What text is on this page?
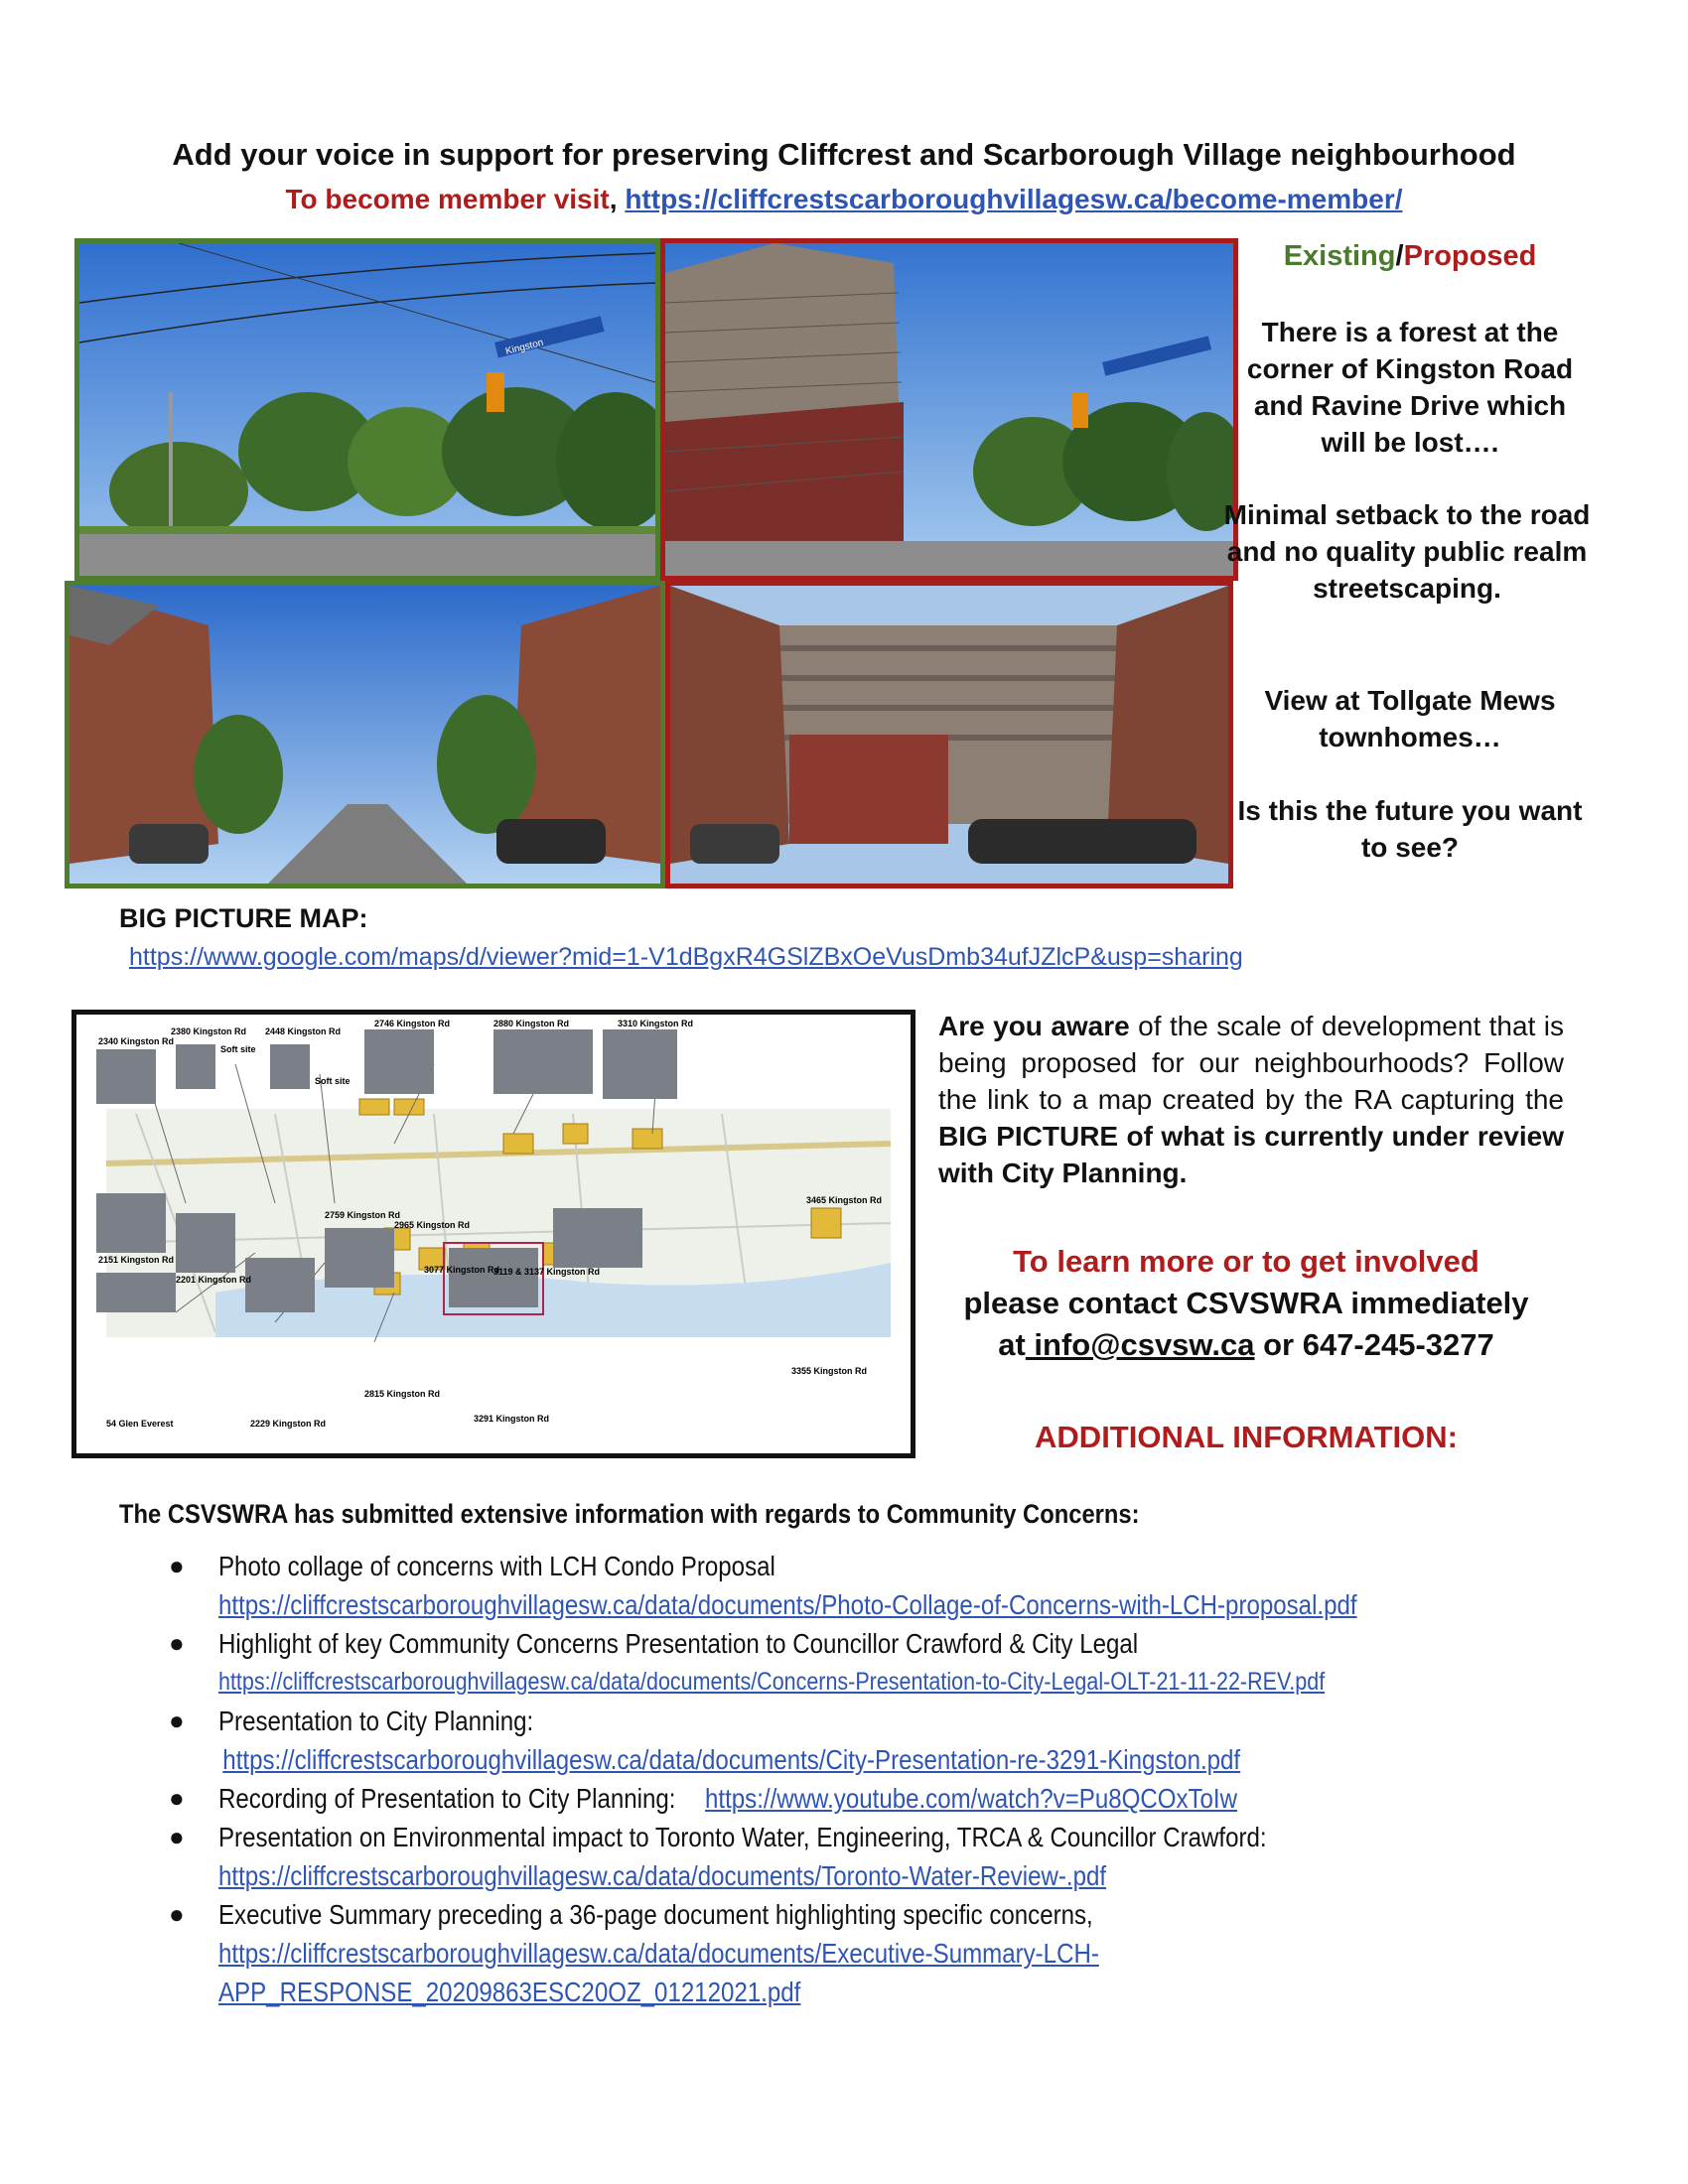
Add your voice in support for preserving Cliffcrest and Scarborough Village neighbourhood
To become member visit, https://cliffcrestscarboroughvillagesw.ca/become-member/
Kingston
Existing/Proposed
There is a forest at the corner of Kingston Road and Ravine Drive which will be lost….
Minimal setback to the road and no quality public realm streetscaping.
View at Tollgate Mews townhomes…
Is this the future you want to see?
BIG PICTURE MAP:
https://www.google.com/maps/d/viewer?mid=1-V1dBgxR4GSlZBxOeVusDmb34ufJZlcP&usp=sharing
2340 Kingston Rd
2380 Kingston Rd
Soft site
2448 Kingston Rd
Soft site
2746 Kingston Rd	2880 Kingston Rd	3310 Kingston Rd
3465 Kingston Rd
2759 Kingston Rd
2965 Kingston Rd
3077 Kingston Rd
3119 & 3137 Kingston Rd
2151 Kingston Rd
2201 Kingston Rd
54 Glen Everest	2229 Kingston Rd
2815 Kingston Rd
3291 Kingston Rd
3355 Kingston Rd
Are you aware of the scale of development that is being proposed for our neighbourhoods? Follow the link to a map created by the RA capturing the BIG PICTURE of what is currently under review with City Planning.
To learn more or to get involved
please contact CSVSWRA immediately
at info@csvsw.ca or 647-245-3277
ADDITIONAL INFORMATION:
The CSVSWRA has submitted extensive information with regards to Community Concerns:
● Photo collage of concerns with LCH Condo Proposal
https://cliffcrestscarboroughvillagesw.ca/data/documents/Photo-Collage-of-Concerns-with-LCH-proposal.pdf
● Highlight of key Community Concerns Presentation to Councillor Crawford & City Legal
https://cliffcrestscarboroughvillagesw.ca/data/documents/Concerns-Presentation-to-City-Legal-OLT-21-11-22-REV.pdf
● Presentation to City Planning:
https://cliffcrestscarboroughvillagesw.ca/data/documents/City-Presentation-re-3291-Kingston.pdf
● Recording of Presentation to City Planning: https://www.youtube.com/watch?v=Pu8QCOxToIw
● Presentation on Environmental impact to Toronto Water, Engineering, TRCA & Councillor Crawford:
https://cliffcrestscarboroughvillagesw.ca/data/documents/Toronto-Water-Review-.pdf
● Executive Summary preceding a 36-page document highlighting specific concerns,
https://cliffcrestscarboroughvillagesw.ca/data/documents/Executive-Summary-LCH-
APP_RESPONSE_20209863ESC20OZ_01212021.pdf
